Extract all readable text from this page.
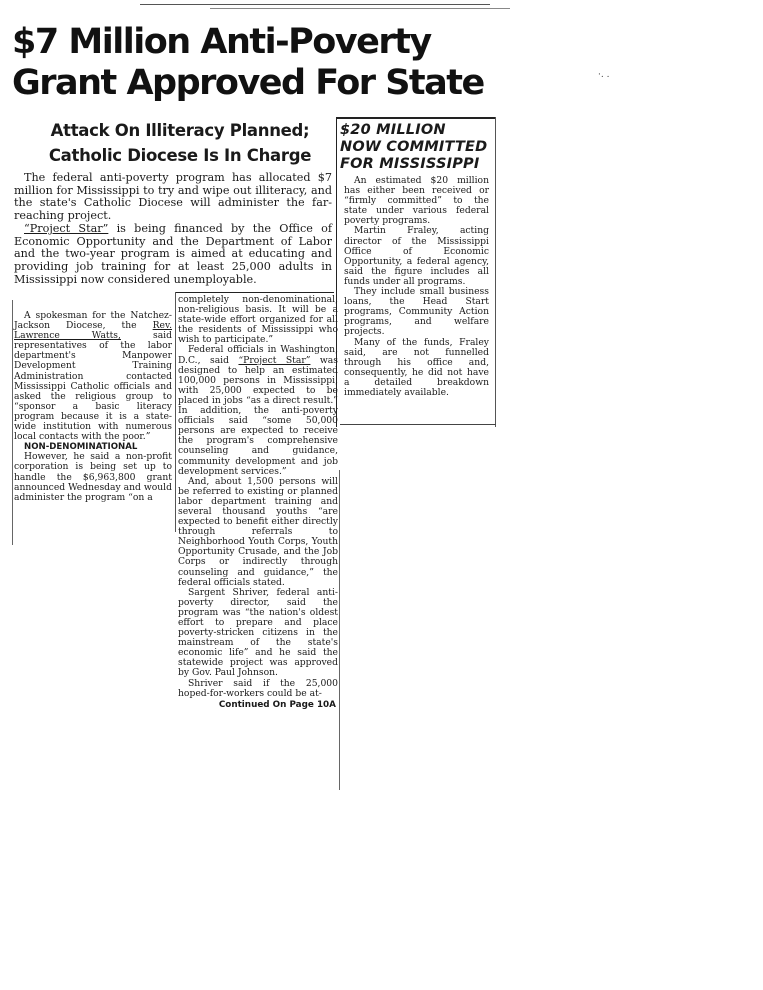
·. .
$7 Million Anti-Poverty
Grant Approved For State
Attack On Illiteracy Planned;
Catholic Diocese Is In Charge
$20 MILLION
NOW COMMITTED
FOR MISSISSIPPI

An estimated $20 million has either been received or “firmly committed” to the state under various federal poverty programs.

Martin Fraley, acting director of the Mississippi Office of Economic Opportunity, a federal agency, said the figure includes all funds under all programs.

They include small business loans, the Head Start programs, Community Action programs, and welfare projects.

Many of the funds, Fraley said, are not funnelled through his office and, consequently, he did not have a detailed breakdown immediately available.

The federal anti-poverty program has allocated $7 million for Mississippi to try and wipe out illiteracy, and the state's Catholic Diocese will administer the far-reaching project.

“Project Star” is being financed by the Office of Economic Opportunity and the Department of Labor and the two-year program is aimed at educating and providing job training for at least 25,000 adults in Mississippi now considered unemployable.

A spokesman for the Natchez-Jackson Diocese, the Rev. Lawrence Watts, said representatives of the labor department's Manpower Development Training Administration contacted Mississippi Catholic officials and asked the religious group to “sponsor a basic literacy program because it is a state-wide institution with numerous local contacts with the poor.”

NON-DENOMINATIONAL

However, he said a non-profit corporation is being set up to handle the $6,963,800 grant announced Wednesday and would administer the program “on a

completely non-denominational, non-religious basis. It will be a state-wide effort organized for all the residents of Mississippi who wish to participate.”

Federal officials in Washington, D.C., said “Project Star” was designed to help an estimated 100,000 persons in Mississippi, with 25,000 expected to be placed in jobs “as a direct result.” In addition, the anti-poverty officials said “some 50,000 persons are expected to receive the program's comprehensive counseling and guidance, community development and job development services.”

And, about 1,500 persons will be referred to existing or planned labor department training and several thousand youths “are expected to benefit either directly through referrals to Neighborhood Youth Corps, Youth Opportunity Crusade, and the Job Corps or indirectly through counseling and guidance,” the federal officials stated.

Sargent Shriver, federal anti-poverty director, said the program was “the nation's oldest effort to prepare and place poverty-stricken citizens in the mainstream of the state's economic life” and he said the statewide project was approved by Gov. Paul Johnson.

Shriver said if the 25,000 hoped-for-workers could be at-

Continued On Page 10A
